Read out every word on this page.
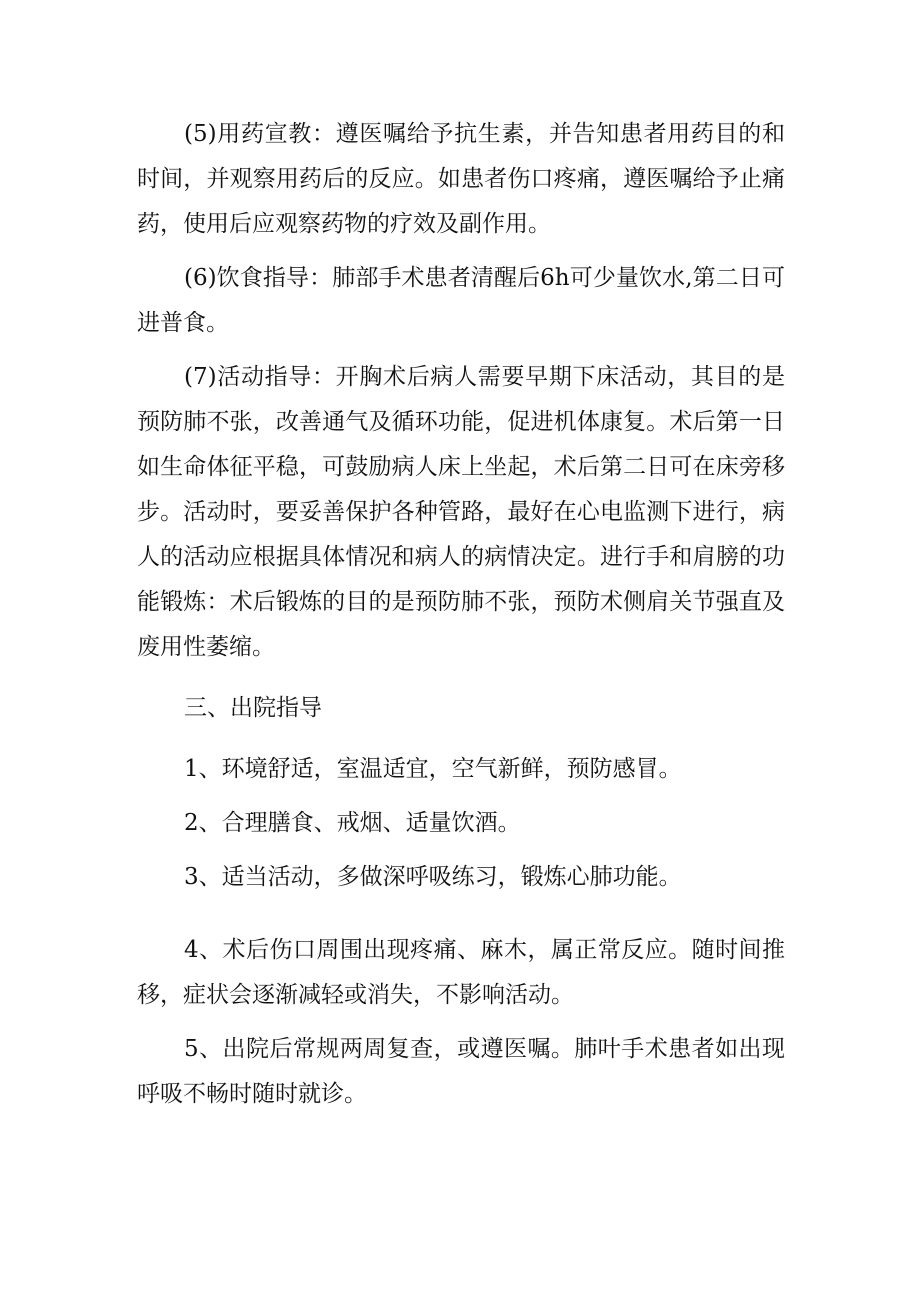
(5)用药宣教：遵医嘱给予抗生素，并告知患者用药目的和时间，并观察用药后的反应。如患者伤口疼痛，遵医嘱给予止痛药，使用后应观察药物的疗效及副作用。

(6)饮食指导：肺部手术患者清醒后6h可少量饮水,第二日可进普食。

(7)活动指导：开胸术后病人需要早期下床活动，其目的是预防肺不张，改善通气及循环功能，促进机体康复。术后第一日如生命体征平稳，可鼓励病人床上坐起，术后第二日可在床旁移步。活动时，要妥善保护各种管路，最好在心电监测下进行，病人的活动应根据具体情况和病人的病情决定。进行手和肩膀的功能锻炼：术后锻炼的目的是预防肺不张，预防术侧肩关节强直及废用性萎缩。

三、出院指导

1、环境舒适，室温适宜，空气新鲜，预防感冒。

2、合理膳食、戒烟、适量饮酒。

3、适当活动，多做深呼吸练习，锻炼心肺功能。

4、术后伤口周围出现疼痛、麻木，属正常反应。随时间推移，症状会逐渐减轻或消失，不影响活动。

5、出院后常规两周复查，或遵医嘱。肺叶手术患者如出现呼吸不畅时随时就诊。
